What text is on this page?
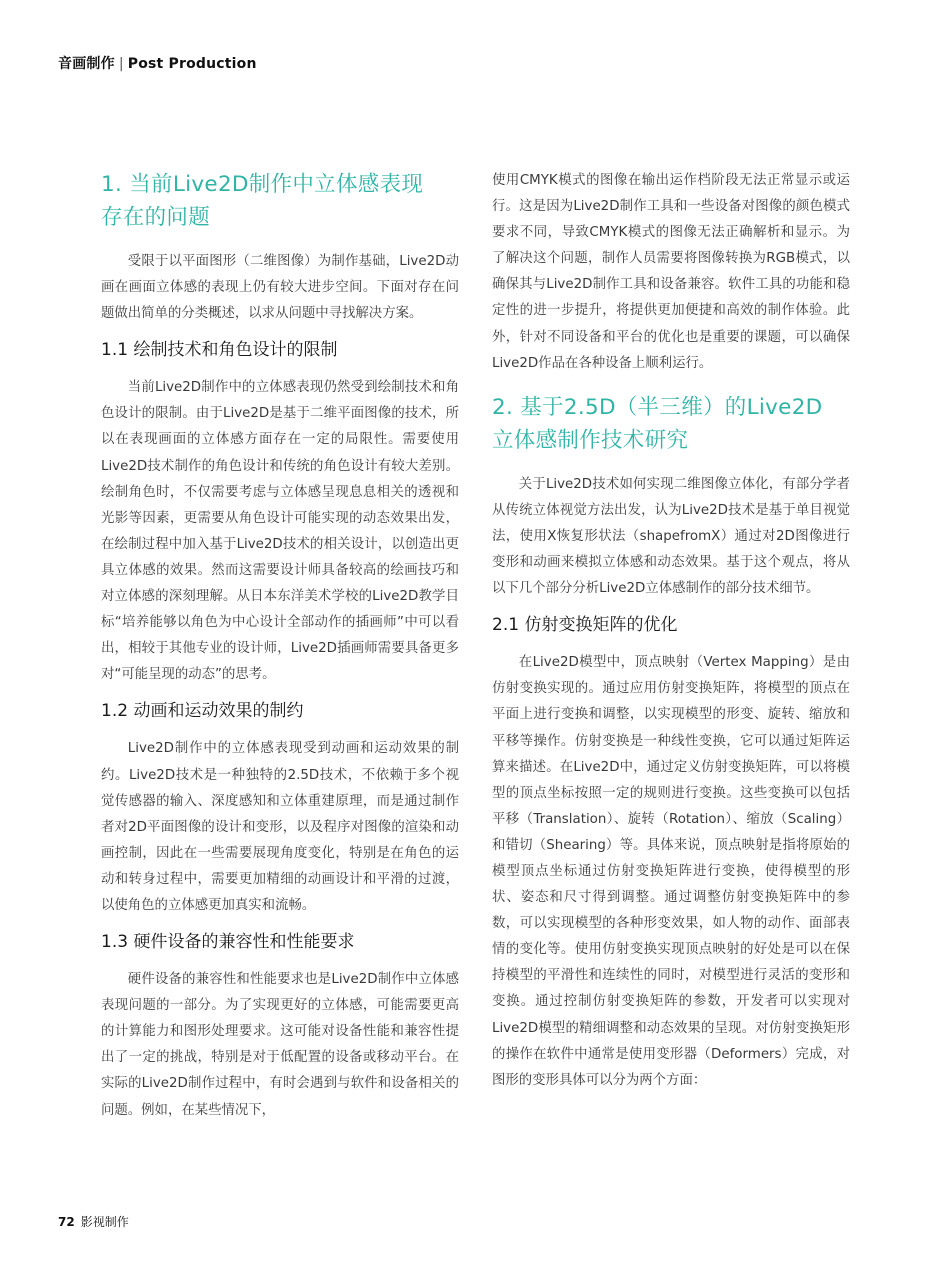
音画制作 | Post Production
1. 当前Live2D制作中立体感表现
存在的问题

受限于以平面图形（二维图像）为制作基础，Live2D动画在画面立体感的表现上仍有较大进步空间。下面对存在问题做出简单的分类概述，以求从问题中寻找解决方案。

1.1 绘制技术和角色设计的限制

当前Live2D制作中的立体感表现仍然受到绘制技术和角色设计的限制。由于Live2D是基于二维平面图像的技术，所以在表现画面的立体感方面存在一定的局限性。需要使用Live2D技术制作的角色设计和传统的角色设计有较大差别。绘制角色时，不仅需要考虑与立体感呈现息息相关的透视和光影等因素，更需要从角色设计可能实现的动态效果出发，在绘制过程中加入基于Live2D技术的相关设计，以创造出更具立体感的效果。然而这需要设计师具备较高的绘画技巧和对立体感的深刻理解。从日本东洋美术学校的Live2D教学目标“培养能够以角色为中心设计全部动作的插画师”中可以看出，相较于其他专业的设计师，Live2D插画师需要具备更多对“可能呈现的动态”的思考。

1.2 动画和运动效果的制约

Live2D制作中的立体感表现受到动画和运动效果的制约。Live2D技术是一种独特的2.5D技术，不依赖于多个视觉传感器的输入、深度感知和立体重建原理，而是通过制作者对2D平面图像的设计和变形，以及程序对图像的渲染和动画控制，因此在一些需要展现角度变化，特别是在角色的运动和转身过程中，需要更加精细的动画设计和平滑的过渡，以使角色的立体感更加真实和流畅。

1.3 硬件设备的兼容性和性能要求

硬件设备的兼容性和性能要求也是Live2D制作中立体感表现问题的一部分。为了实现更好的立体感，可能需要更高的计算能力和图形处理要求。这可能对设备性能和兼容性提出了一定的挑战，特别是对于低配置的设备或移动平台。在实际的Live2D制作过程中，有时会遇到与软件和设备相关的问题。例如，在某些情况下，

使用CMYK模式的图像在输出运作档阶段无法正常显示或运行。这是因为Live2D制作工具和一些设备对图像的颜色模式要求不同，导致CMYK模式的图像无法正确解析和显示。为了解决这个问题，制作人员需要将图像转换为RGB模式，以确保其与Live2D制作工具和设备兼容。软件工具的功能和稳定性的进一步提升，将提供更加便捷和高效的制作体验。此外，针对不同设备和平台的优化也是重要的课题，可以确保Live2D作品在各种设备上顺利运行。

2. 基于2.5D（半三维）的Live2D
立体感制作技术研究

关于Live2D技术如何实现二维图像立体化，有部分学者从传统立体视觉方法出发，认为Live2D技术是基于单目视觉法，使用X恢复形状法（shapefromX）通过对2D图像进行变形和动画来模拟立体感和动态效果。基于这个观点，将从以下几个部分分析Live2D立体感制作的部分技术细节。

2.1 仿射变换矩阵的优化

在Live2D模型中，顶点映射（Vertex Mapping）是由仿射变换实现的。通过应用仿射变换矩阵，将模型的顶点在平面上进行变换和调整，以实现模型的形变、旋转、缩放和平移等操作。仿射变换是一种线性变换，它可以通过矩阵运算来描述。在Live2D中，通过定义仿射变换矩阵，可以将模型的顶点坐标按照一定的规则进行变换。这些变换可以包括平移（Translation）、旋转（Rotation）、缩放（Scaling）和错切（Shearing）等。具体来说，顶点映射是指将原始的模型顶点坐标通过仿射变换矩阵进行变换，使得模型的形状、姿态和尺寸得到调整。通过调整仿射变换矩阵中的参数，可以实现模型的各种形变效果，如人物的动作、面部表情的变化等。使用仿射变换实现顶点映射的好处是可以在保持模型的平滑性和连续性的同时，对模型进行灵活的变形和变换。通过控制仿射变换矩阵的参数，开发者可以实现对Live2D模型的精细调整和动态效果的呈现。对仿射变换矩形的操作在软件中通常是使用变形器（Deformers）完成，对图形的变形具体可以分为两个方面：

72 影视制作
